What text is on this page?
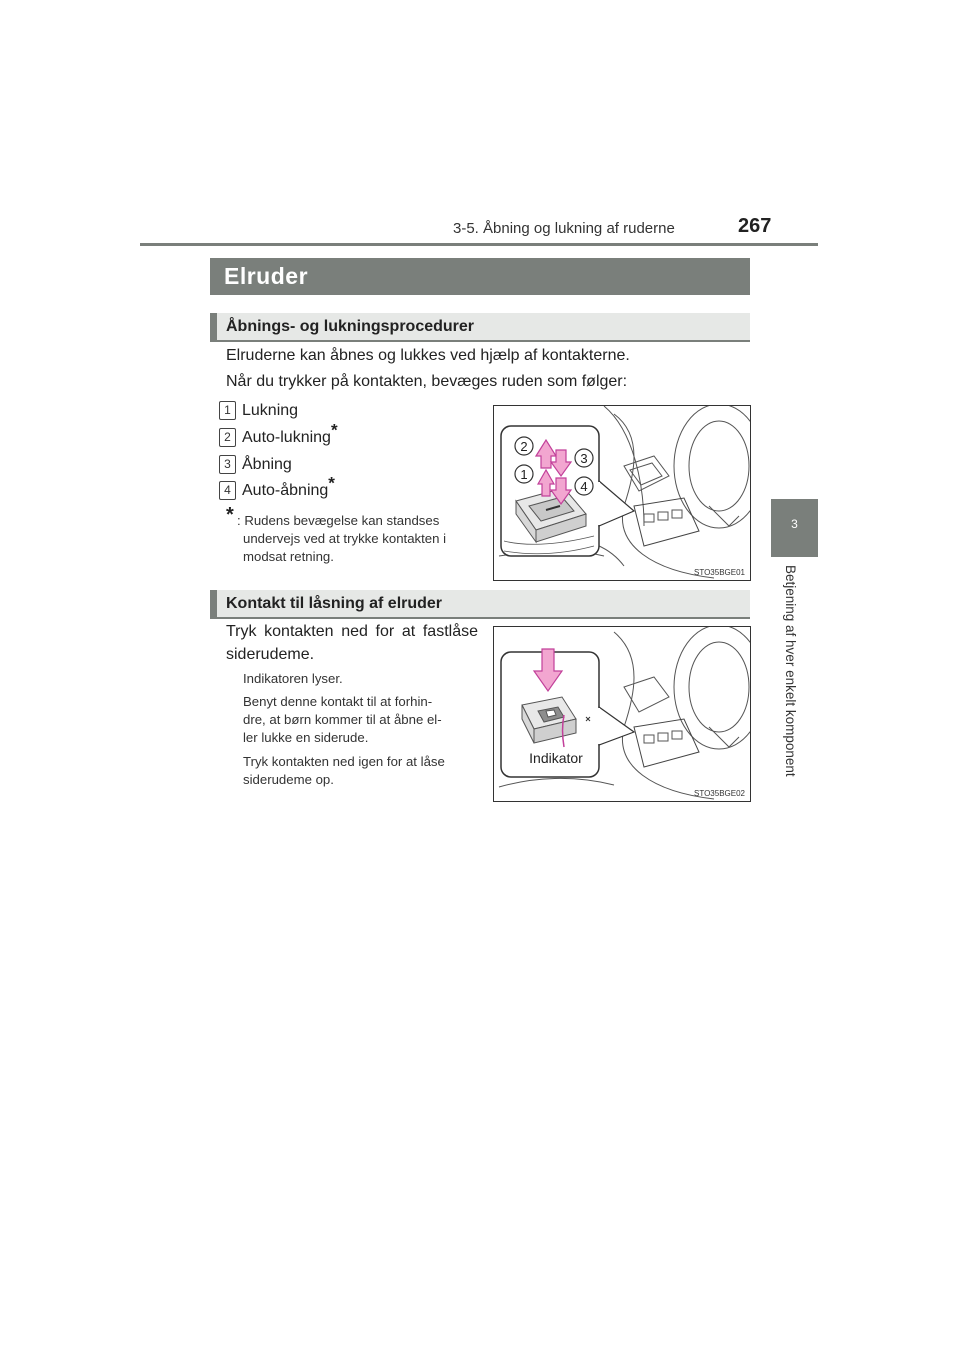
3-5. Åbning og lukning af ruderne	267
3
Betjening af hver enkelt komponent
Elruder
Åbnings- og lukningsprocedurer
Elruderne kan åbnes og lukkes ved hjælp af kontakterne.
Når du trykker på kontakten, bevæges ruden som følger:
1 Lukning
2 Auto-lukning*
3 Åbning
4 Auto-åbning*
* : Rudens bevægelse kan standses
undervejs ved at trykke kontakten i
modsat retning.
2
3
1
4
STO35BGE01
Kontakt til låsning af elruder
Tryk kontakten ned for at fastlåse
siderudeme.
Indikatoren lyser.
Benyt denne kontakt til at forhin-
dre, at børn kommer til at åbne el-
ler lukke en siderude.
Tryk kontakten ned igen for at låse
siderudeme op.
Indikator
STO35BGE02
